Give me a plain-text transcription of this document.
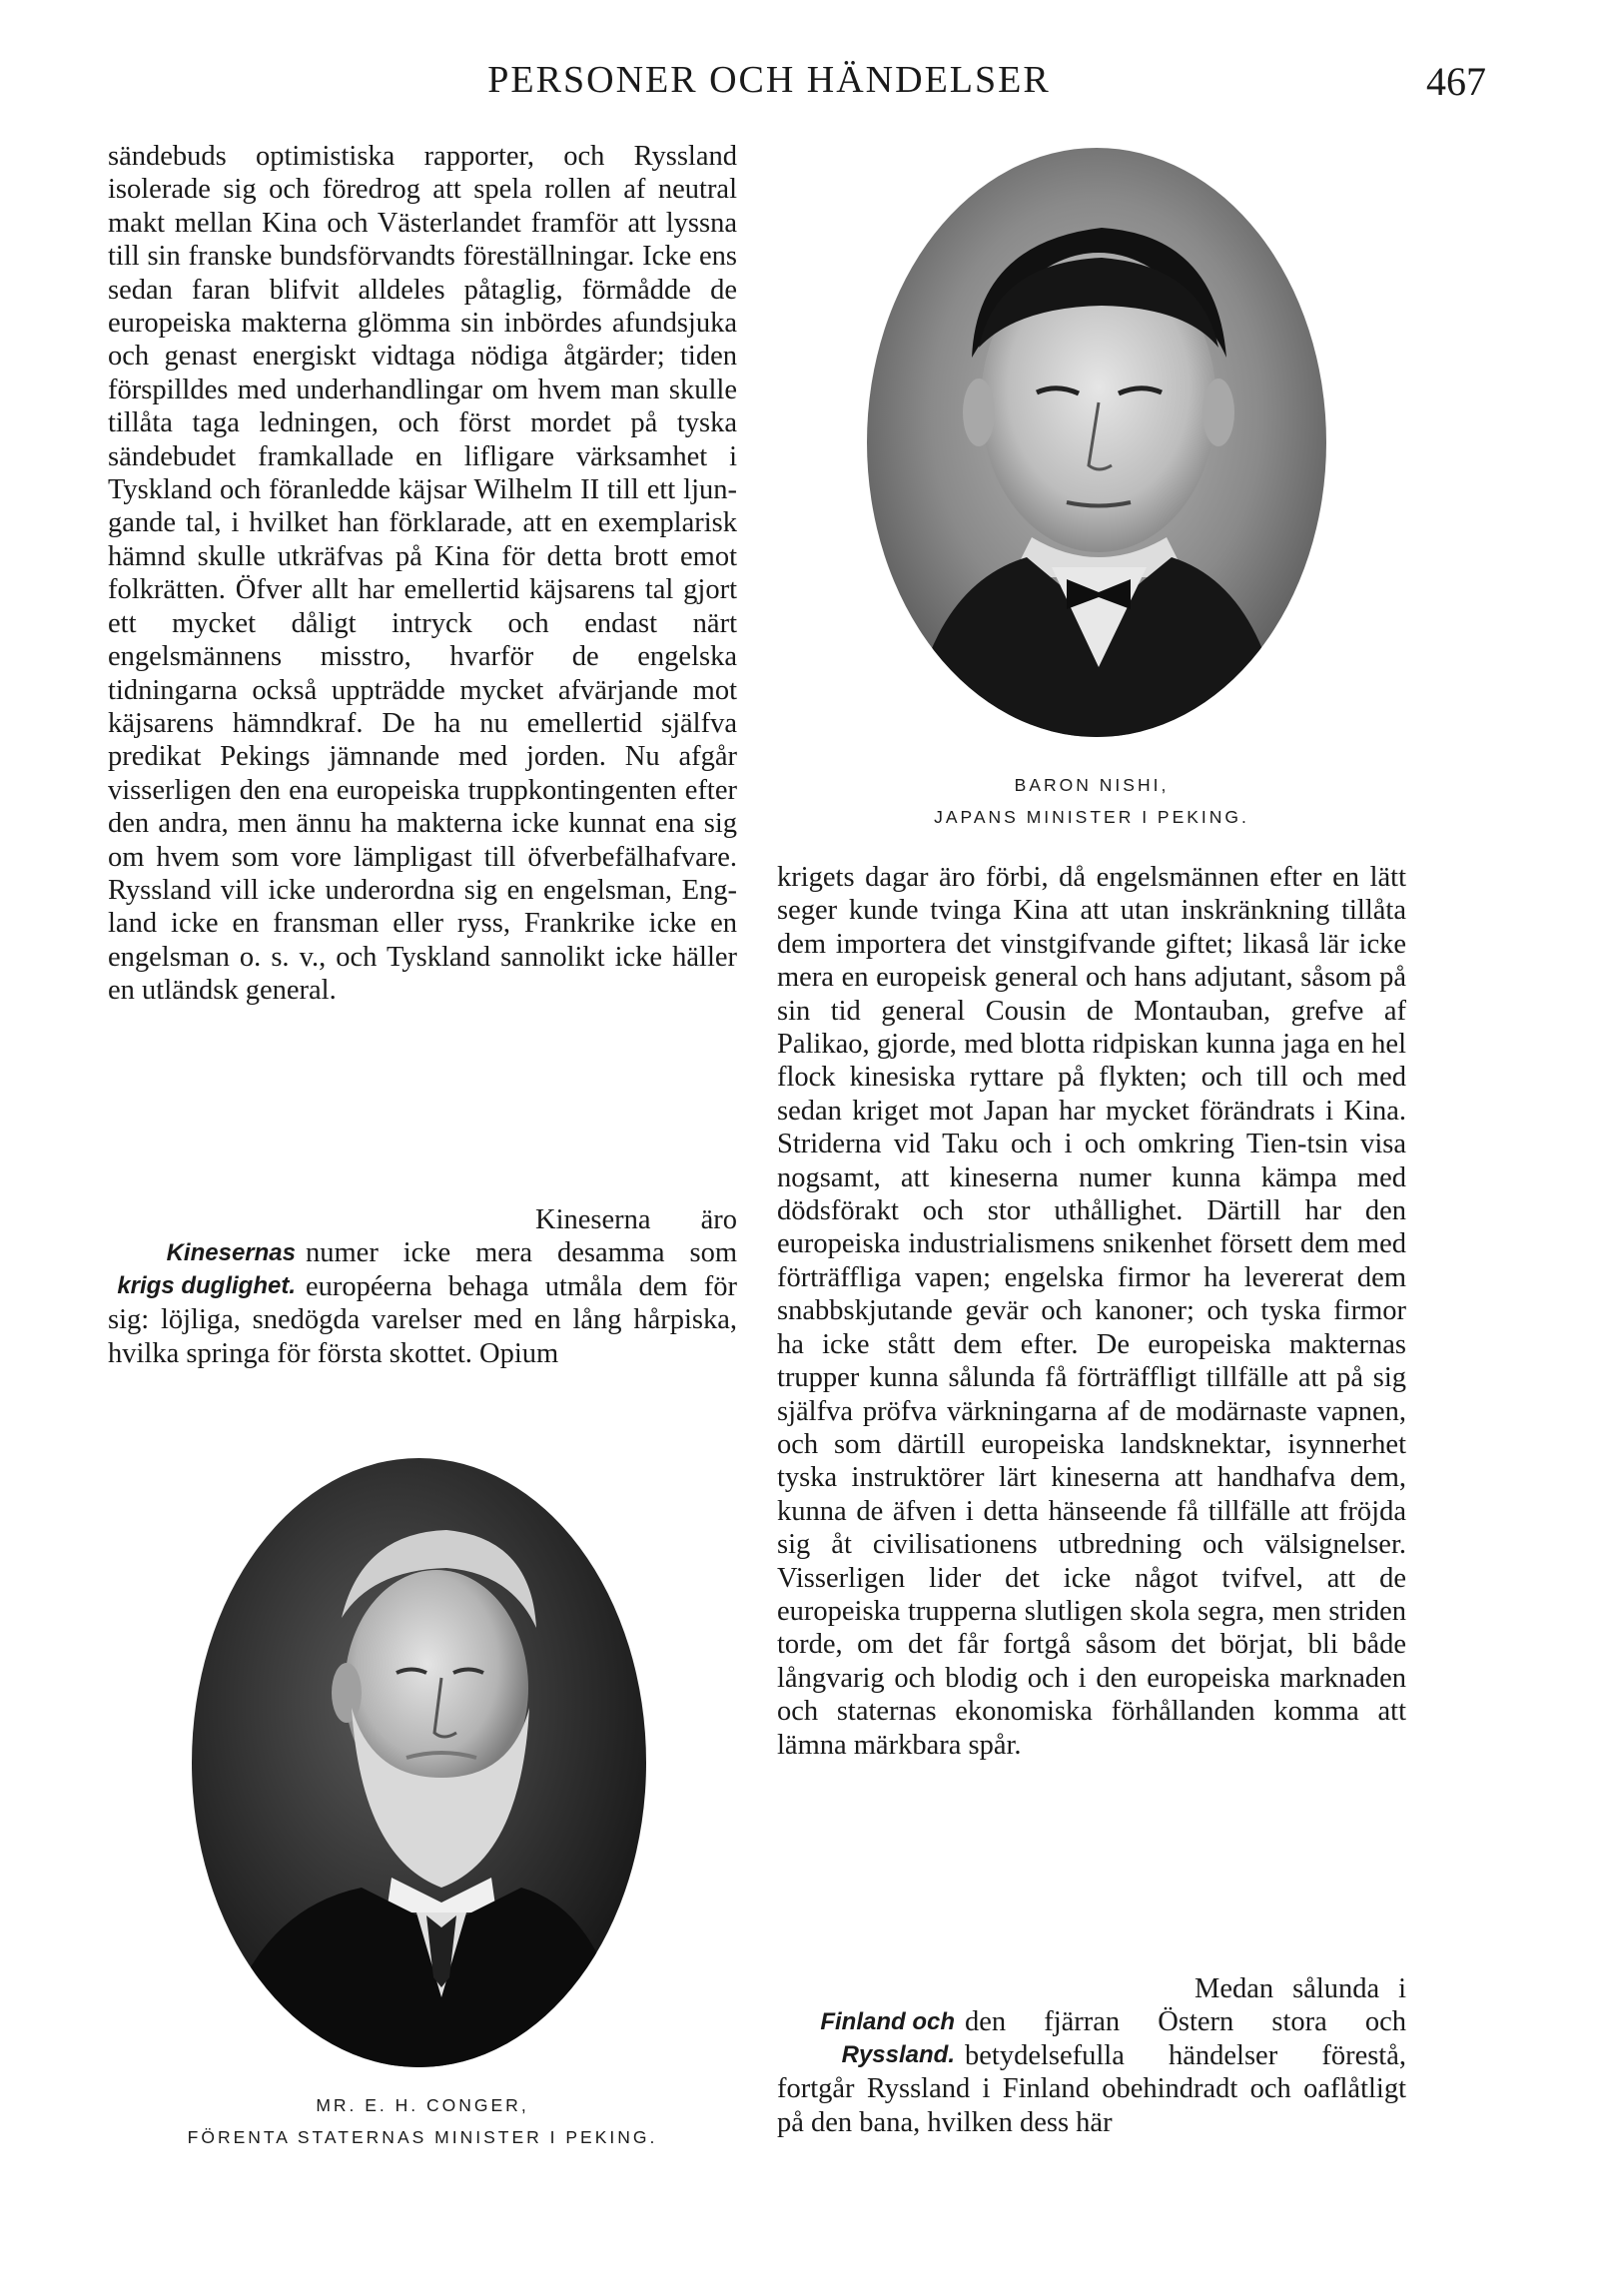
PERSONER OCH HÄNDELSER	467

sändebuds optimistiska rapporter, och Ryssland isolerade sig och föredrog att spela rollen af neutral makt mellan Kina och Västerlandet framför att lyssna till sin franske bundsförvandts föreställningar. Icke ens sedan faran blifvit alldeles påtaglig, förmådde de europeiska makterna glömma sin inbördes afundsjuka och genast energiskt vidtaga nödiga åtgärder; tiden förspilldes med underhandlingar om hvem man skulle tillåta taga ledningen, och först mordet på tyska sändebudet framkallade en lifligare värksamhet i Tyskland och föranledde käjsar Wilhelm II till ett ljungande tal, i hvilket han förklarade, att en exemplarisk hämnd skulle utkräfvas på Kina för detta brott emot folkrätten. Öfver allt har emellertid käjsarens tal gjort ett mycket dåligt intryck och endast närt engelsmännens misstro, hvarför de engelska tidningarna också uppträdde mycket afvärjande mot käjsarens hämndkraf. De ha nu emellertid själfva predikat Pekings jämnande med jorden. Nu afgår visserligen den ena europeiska truppkontingenten efter den andra, men ännu ha makterna icke kunnat ena sig om hvem som vore lämpligast till öfverbefälhafvare. Ryssland vill icke underordna sig en engelsman, England icke en fransman eller ryss, Frankrike icke en engelsman o. s. v., och Tyskland sannolikt icke häller en utländsk general.

Kinesernas krigs duglighet.
Kineserna äro numer icke mera desamma som européerna behaga utmåla dem för sig: löjliga, snedögda varelser med en lång hårpiska, hvilka springa för första skottet. Opium
BARON NISHI,
JAPANS MINISTER I PEKING.

krigets dagar äro förbi, då engelsmännen efter en lätt seger kunde tvinga Kina att utan inskränkning tillåta dem importera det vinstgifvande giftet; likaså lär icke mera en europeisk general och hans adjutant, såsom på sin tid general Cousin de Montauban, grefve af Palikao, gjorde, med blotta ridpiskan kunna jaga en hel flock kinesiska ryttare på flykten; och till och med sedan kriget mot Japan har mycket förändrats i Kina. Striderna vid Taku och i och omkring Tien-tsin visa nogsamt, att kineserna numer kunna kämpa med dödsförakt och stor uthållighet. Därtill har den europeiska industrialismens snikenhet försett dem med förträffliga vapen; engelska firmor ha levererat dem snabbskjutande gevär och kanoner; och tyska firmor ha icke stått dem efter. De europeiska makternas trupper kunna sålunda få förträffligt tillfälle att på sig själfva pröfva värkningarna af de modärnaste vapnen, och som därtill europeiska landsknektar, isynnerhet tyska instruktörer lärt kineserna att handhafva dem, kunna de äfven i detta hänseende få tillfälle att fröjda sig åt civilisationens utbredning och välsignelser. Visserligen lider det icke något tvifvel, att de europeiska trupperna slutligen skola segra, men striden torde, om det får fortgå såsom det börjat, bli både långvarig och blodig och i den europeiska marknaden och staternas ekonomiska förhållanden komma att lämna märkbara spår.

Finland och Ryssland.
Medan sålunda i den fjärran Östern stora och betydelsefulla händelser förestå, fortgår Ryssland i Finland obehindradt och oaflåtligt på den bana, hvilken dess här
MR. E. H. CONGER,
FÖRENTA STATERNAS MINISTER I PEKING.
